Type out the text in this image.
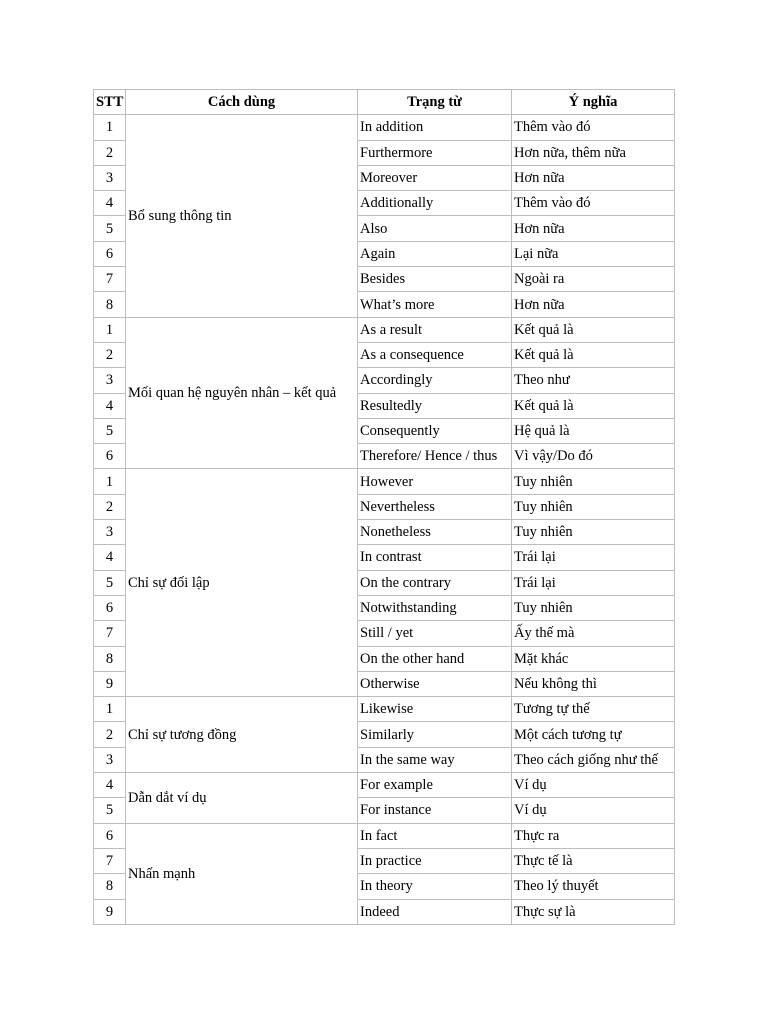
STT	Cách dùng	Trạng từ	Ý nghĩa
1	Bổ sung thông tin	In addition	Thêm vào đó
2		Furthermore	Hơn nữa, thêm nữa
3		Moreover	Hơn nữa
4		Additionally	Thêm vào đó
5		Also	Hơn nữa
6		Again	Lại nữa
7		Besides	Ngoài ra
8		What’s more	Hơn nữa
1	Mối quan hệ nguyên nhân – kết quả	As a result	Kết quả là
2		As a consequence	Kết quả là
3		Accordingly	Theo như
4		Resultedly	Kết quả là
5		Consequently	Hệ quả là
6		Therefore/ Hence / thus	Vì vậy/Do đó
1	Chỉ sự đối lập	However	Tuy nhiên
2		Nevertheless	Tuy nhiên
3		Nonetheless	Tuy nhiên
4		In contrast	Trái lại
5		On the contrary	Trái lại
6		Notwithstanding	Tuy nhiên
7		Still / yet	Ấy thế mà
8		On the other hand	Mặt khác
9		Otherwise	Nếu không thì
1	Chỉ sự tương đồng	Likewise	Tương tự thế
2		Similarly	Một cách tương tự
3		In the same way	Theo cách giống như thế
4	Dẫn dắt ví dụ	For example	Ví dụ
5		For instance	Ví dụ
6	Nhấn mạnh	In fact	Thực ra
7		In practice	Thực tế là
8		In theory	Theo lý thuyết
9		Indeed	Thực sự là
